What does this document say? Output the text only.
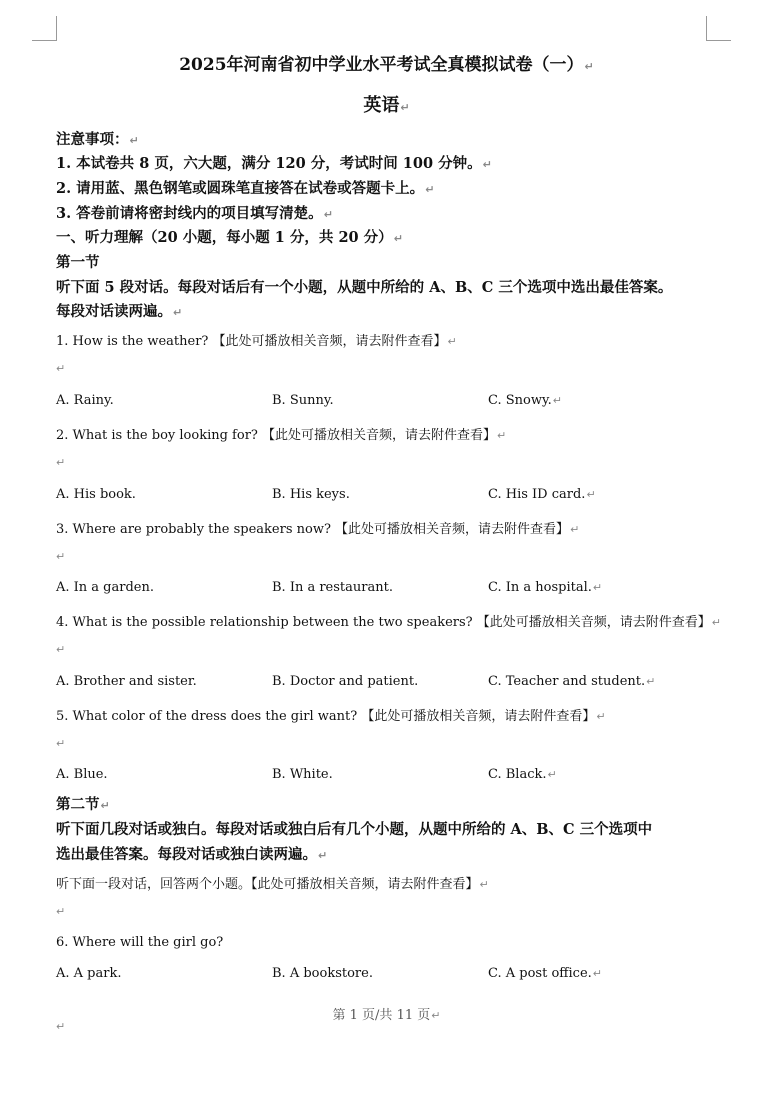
2025年河南省初中学业水平考试全真模拟试卷（一）↵
英语↵
注意事项：↵
1. 本试卷共 8 页，六大题，满分 120 分，考试时间 100 分钟。↵
2. 请用蓝、黑色钢笔或圆珠笔直接答在试卷或答题卡上。↵
3. 答卷前请将密封线内的项目填写清楚。↵
一、听力理解（20 小题，每小题 1 分，共 20 分）↵
第一节
听下面 5 段对话。每段对话后有一个小题，从题中所给的 A、B、C 三个选项中选出最佳答案。
每段对话读两遍。↵
1. How is the weather? 【此处可播放相关音频，请去附件查看】↵
↵
A. Rainy.	B. Sunny.	C. Snowy.↵
2. What is the boy looking for? 【此处可播放相关音频，请去附件查看】↵
↵
A. His book.	B. His keys.	C. His ID card.↵
3. Where are probably the speakers now? 【此处可播放相关音频，请去附件查看】↵
↵
A. In a garden.	B. In a restaurant.	C. In a hospital.↵
4. What is the possible relationship between the two speakers? 【此处可播放相关音频，请去附件查看】↵
↵
A. Brother and sister.	B. Doctor and patient.	C. Teacher and student.↵
5. What color of the dress does the girl want? 【此处可播放相关音频，请去附件查看】↵
↵
A. Blue.	B. White.	C. Black.↵
第二节↵
听下面几段对话或独白。每段对话或独白后有几个小题，从题中所给的 A、B、C 三个选项中
选出最佳答案。每段对话或独白读两遍。↵
听下面一段对话，回答两个小题。【此处可播放相关音频，请去附件查看】↵
↵
6. Where will the girl go?
A. A park.	B. A bookstore.	C. A post office.↵
第 1 页/共 11 页↵
↵
